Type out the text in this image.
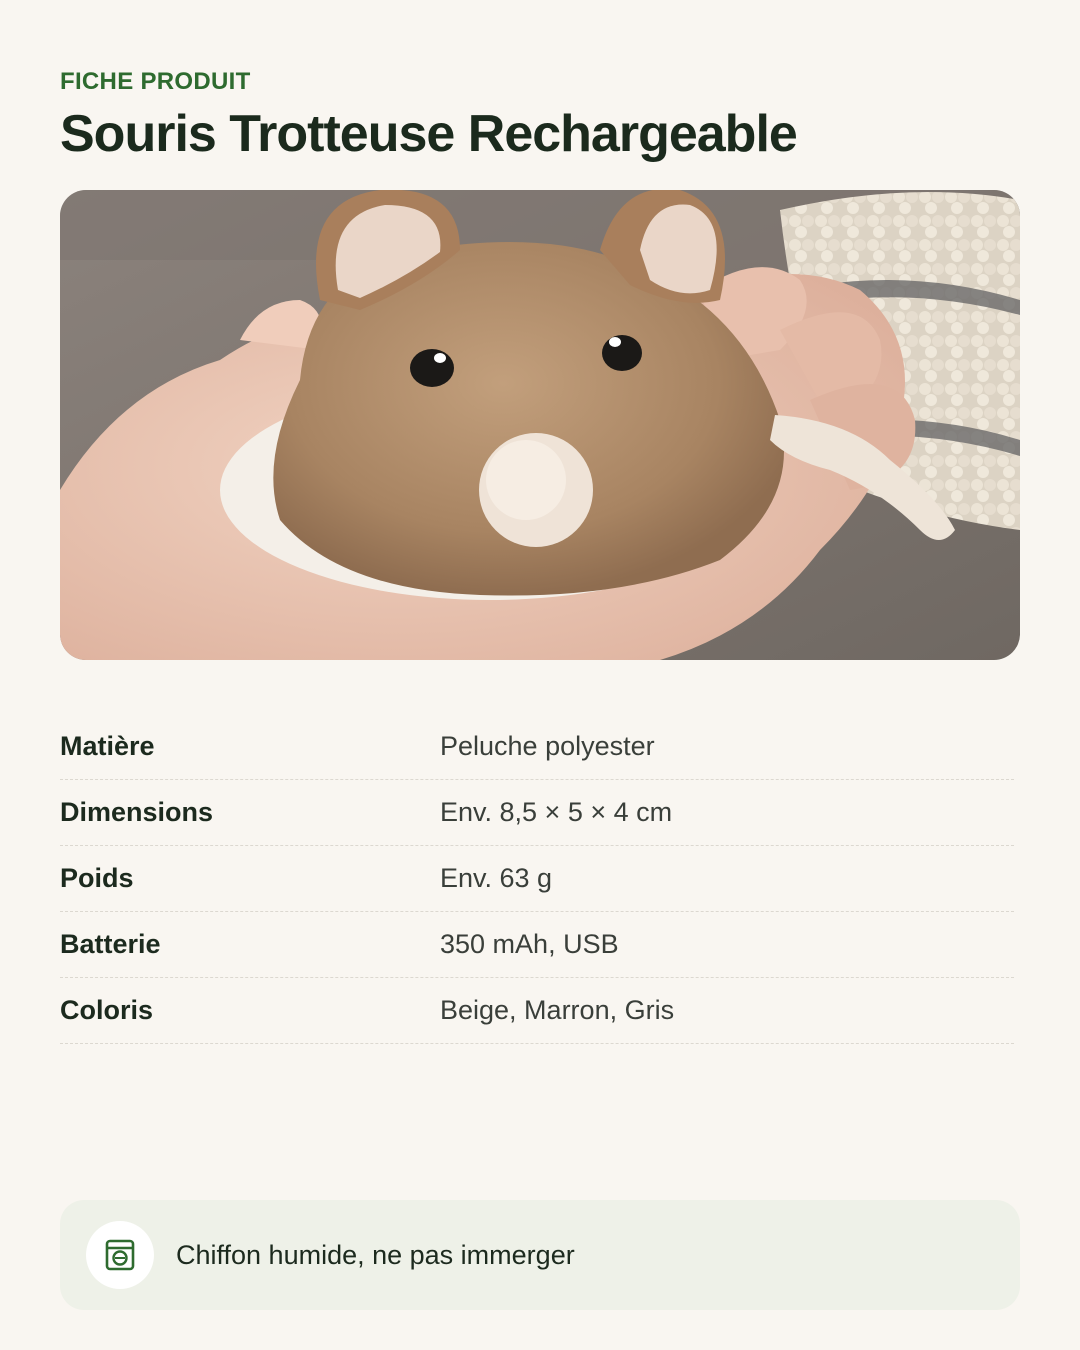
FICHE PRODUIT
Souris Trotteuse Rechargeable
Matière	Peluche polyester
Dimensions	Env. 8,5 × 5 × 4 cm
Poids	Env. 63 g
Batterie	350 mAh, USB
Coloris	Beige, Marron, Gris
Chiffon humide, ne pas immerger
